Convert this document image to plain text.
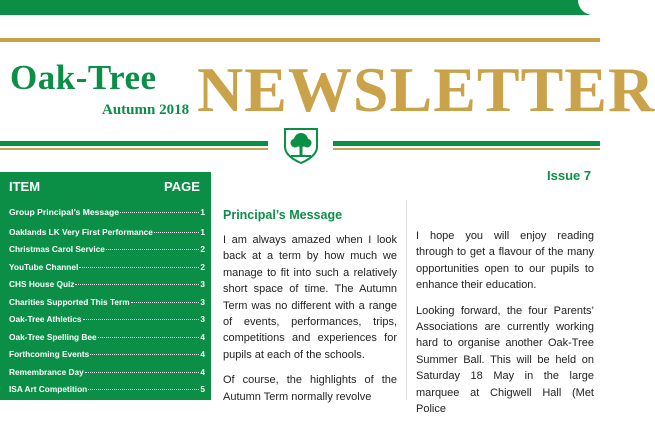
Oak-Tree
Autumn 2018 NEWSLETTER
Issue 7
ITEM	PAGE
Group Principal’s Message	1
Oaklands LK Very First Performance	1
Christmas Carol Service	2
YouTube Channel	2
CHS House Quiz	3
Charities Supported This Term	3
Oak-Tree Athletics	3
Oak-Tree Spelling Bee	4
Forthcoming Events	4
Remembrance Day	4
ISA Art Competition	5
Oaklands’ French Pen Pals	5
Principal’s Message

I am always amazed when I look back at a term by how much we manage to fit into such a relatively short space of time. The Autumn Term was no different with a range of events, performances, trips, competitions and experiences for pupils at each of the schools.

Of course, the highlights of the Autumn Term normally revolve

I hope you will enjoy reading through to get a flavour of the many opportunities open to our pupils to enhance their education.

Looking forward, the four Parents’ Associations are currently working hard to organise another Oak-Tree Summer Ball. This will be held on Saturday 18 May in the large marquee at Chigwell Hall (Met Police
